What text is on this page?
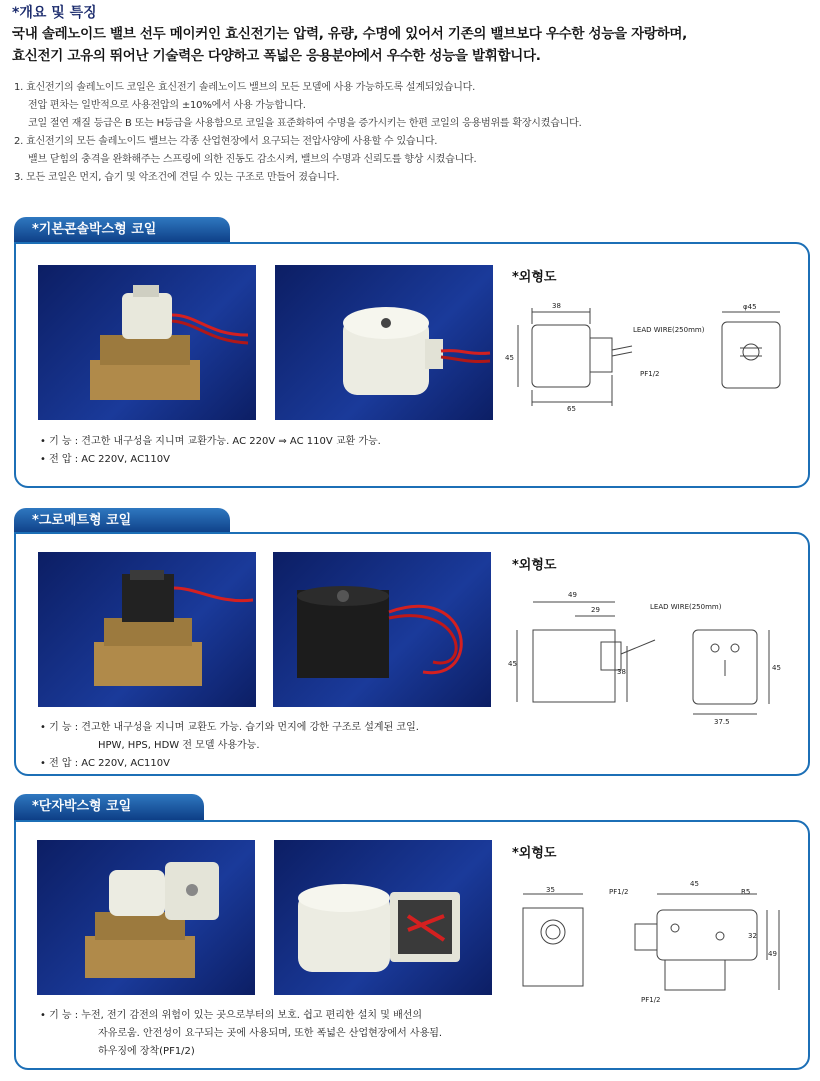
*개요 및 특징
국내 솔레노이드 밸브 선두 메이커인 효신전기는 압력, 유량, 수명에 있어서 기존의 밸브보다 우수한 성능을 자랑하며,
효신전기 고유의 뛰어난 기술력은 다양하고 폭넓은 응용분야에서 우수한 성능을 발휘합니다.
1. 효신전기의 솔레노이드 코일은 효신전기 솔레노이드 밸브의 모든 모델에 사용 가능하도록 설계되었습니다.
전압 편차는 일반적으로 사용전압의 ±10%에서 사용 가능합니다.
코일 절연 재질 등급은 B 또는 H등급을 사용함으로 코일을 표준화하여 수명을 증가시키는 한편 코일의 응용범위를 확장시켰습니다.
2. 효신전기의 모든 솔레노이드 밸브는 각종 산업현장에서 요구되는 전압사양에 사용할 수 있습니다.
밸브 닫힘의 충격을 완화해주는 스프링에 의한 진동도 감소시켜, 밸브의 수명과 신뢰도를 향상 시켰습니다.
3. 모든 코일은 먼지, 습기 및 악조건에 견딜 수 있는 구조로 만들어 졌습니다.
*기본콘솔박스형 코일
*외형도
38
45
65
LEAD WIRE(250mm)
PF1/2
φ45
• 기 능 : 견고한 내구성을 지니며 교환가능. AC 220V ⇒ AC 110V 교환 가능.
• 전 압 : AC 220V, AC110V
*그로메트형 코일
*외형도
49
29
45
38
LEAD WIRE(250mm)
45
37.5
• 기 능 : 견고한 내구성을 지니며 교환도 가능. 습기와 먼지에 강한 구조로 설계된 코일.
HPW, HPS, HDW 전 모델 사용가능.
• 전 압 : AC 220V, AC110V
*단자박스형 코일
*외형도
35	PF1/2
45
R5
32
49
PF1/2
• 기 능 : 누전, 전기 감전의 위험이 있는 곳으로부터의 보호. 쉽고 편리한 설치 및 배선의
자유로움. 안전성이 요구되는 곳에 사용되며, 또한 폭넓은 산업현장에서 사용됨.
하우징에 장착(PF1/2)
